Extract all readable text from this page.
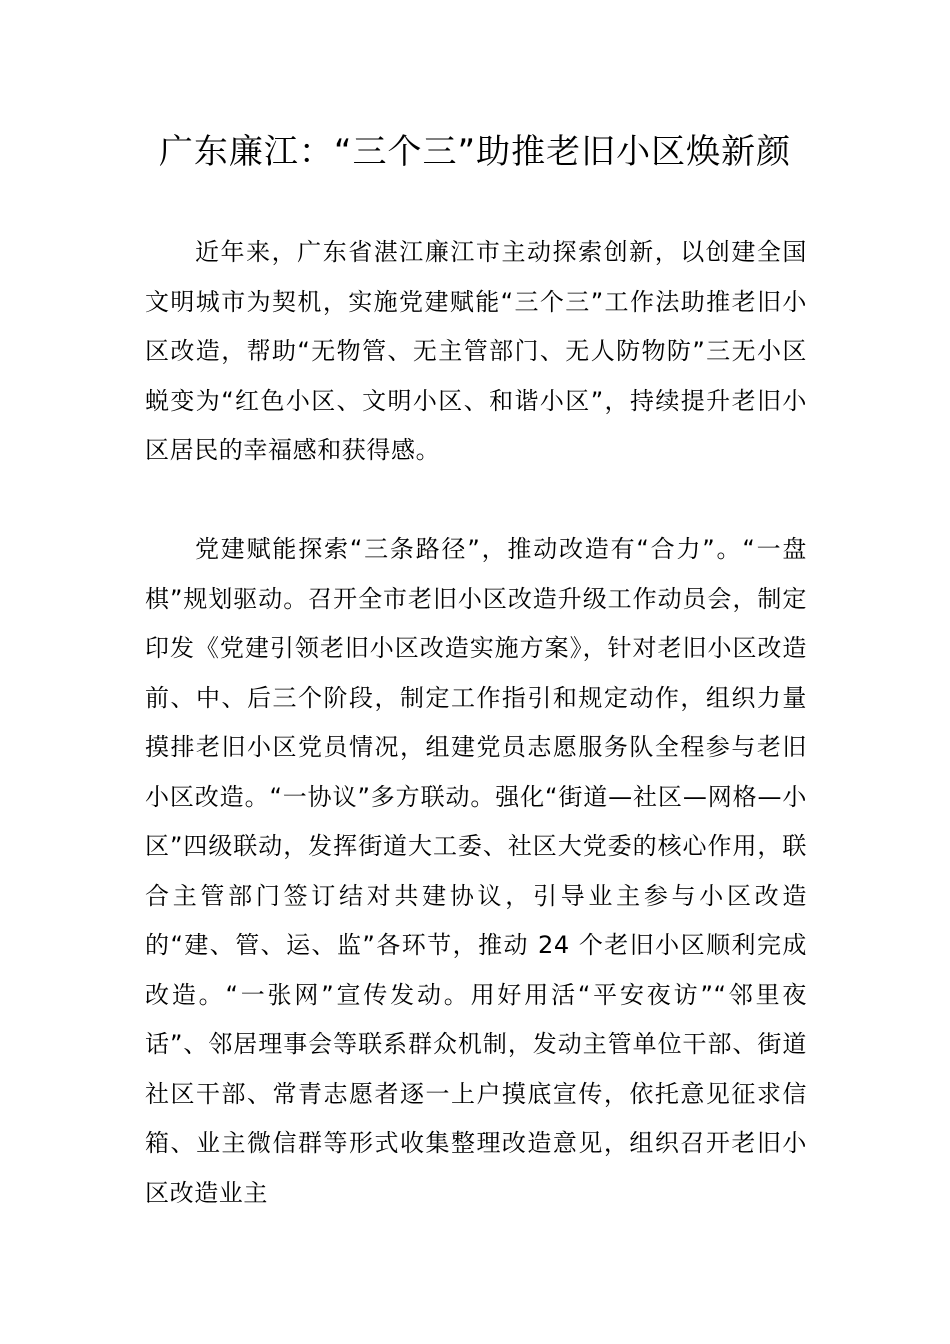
广东廉江：“三个三”助推老旧小区焕新颜

近年来，广东省湛江廉江市主动探索创新，以创建全国文明城市为契机，实施党建赋能“三个三”工作法助推老旧小区改造，帮助“无物管、无主管部门、无人防物防”三无小区蜕变为“红色小区、文明小区、和谐小区”，持续提升老旧小区居民的幸福感和获得感。

党建赋能探索“三条路径”，推动改造有“合力”。“一盘棋”规划驱动。召开全市老旧小区改造升级工作动员会，制定印发《党建引领老旧小区改造实施方案》，针对老旧小区改造前、中、后三个阶段，制定工作指引和规定动作，组织力量摸排老旧小区党员情况，组建党员志愿服务队全程参与老旧小区改造。“一协议”多方联动。强化“街道—社区—网格—小区”四级联动，发挥街道大工委、社区大党委的核心作用，联合主管部门签订结对共建协议，引导业主参与小区改造的“建、管、运、监”各环节，推动 24 个老旧小区顺利完成改造。“一张网”宣传发动。用好用活“平安夜访”“邻里夜话”、邻居理事会等联系群众机制，发动主管单位干部、街道社区干部、常青志愿者逐一上户摸底宣传，依托意见征求信箱、业主微信群等形式收集整理改造意见，组织召开老旧小区改造业主
